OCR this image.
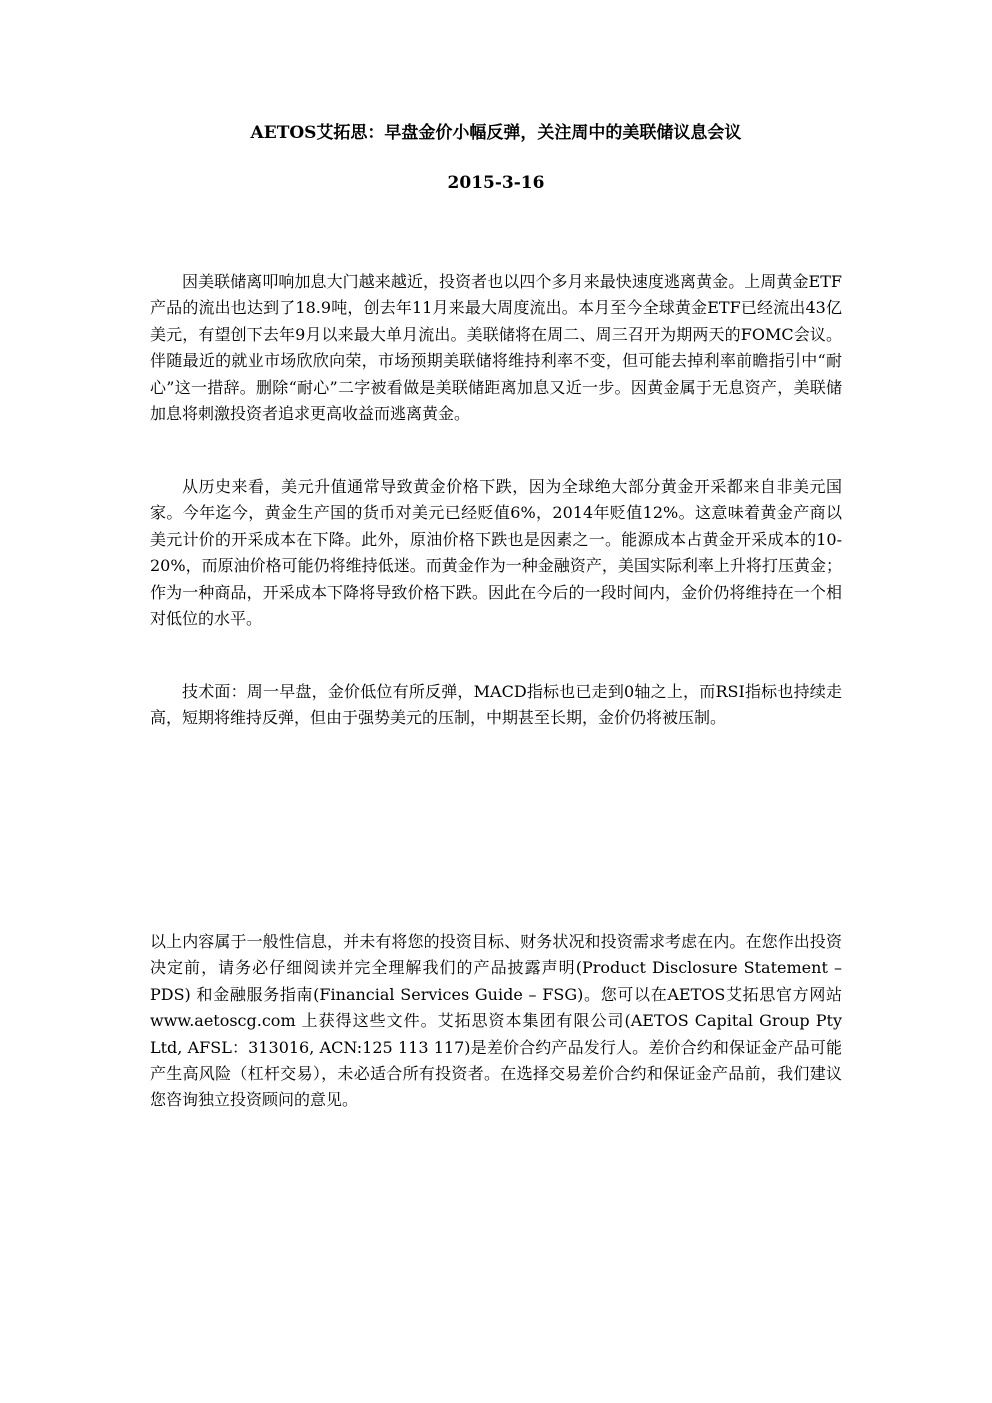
AETOS艾拓思：早盘金价小幅反弹，关注周中的美联储议息会议
2015-3-16

因美联储离叩响加息大门越来越近，投资者也以四个多月来最快速度逃离黄金。上周黄金ETF产品的流出也达到了18.9吨，创去年11月来最大周度流出。本月至今全球黄金ETF已经流出43亿美元，有望创下去年9月以来最大单月流出。美联储将在周二、周三召开为期两天的FOMC会议。伴随最近的就业市场欣欣向荣，市场预期美联储将维持利率不变，但可能去掉利率前瞻指引中“耐心”这一措辞。删除“耐心”二字被看做是美联储距离加息又近一步。因黄金属于无息资产，美联储加息将刺激投资者追求更高收益而逃离黄金。

从历史来看，美元升值通常导致黄金价格下跌，因为全球绝大部分黄金开采都来自非美元国家。今年迄今，黄金生产国的货币对美元已经贬值6%，2014年贬值12%。这意味着黄金产商以美元计价的开采成本在下降。此外，原油价格下跌也是因素之一。能源成本占黄金开采成本的10-20%，而原油价格可能仍将维持低迷。而黄金作为一种金融资产，美国实际利率上升将打压黄金；作为一种商品，开采成本下降将导致价格下跌。因此在今后的一段时间内，金价仍将维持在一个相对低位的水平。

技术面：周一早盘，金价低位有所反弹，MACD指标也已走到0轴之上，而RSI指标也持续走高，短期将维持反弹，但由于强势美元的压制，中期甚至长期，金价仍将被压制。

以上内容属于一般性信息，并未有将您的投资目标、财务状况和投资需求考虑在内。在您作出投资决定前，请务必仔细阅读并完全理解我们的产品披露声明(Product Disclosure Statement – PDS) 和金融服务指南(Financial Services Guide – FSG)。您可以在AETOS艾拓思官方网站www.aetoscg.com 上获得这些文件。艾拓思资本集团有限公司(AETOS Capital Group Pty Ltd, AFSL：313016, ACN:125 113 117)是差价合约产品发行人。差价合约和保证金产品可能产生高风险（杠杆交易），未必适合所有投资者。在选择交易差价合约和保证金产品前，我们建议您咨询独立投资顾问的意见。
